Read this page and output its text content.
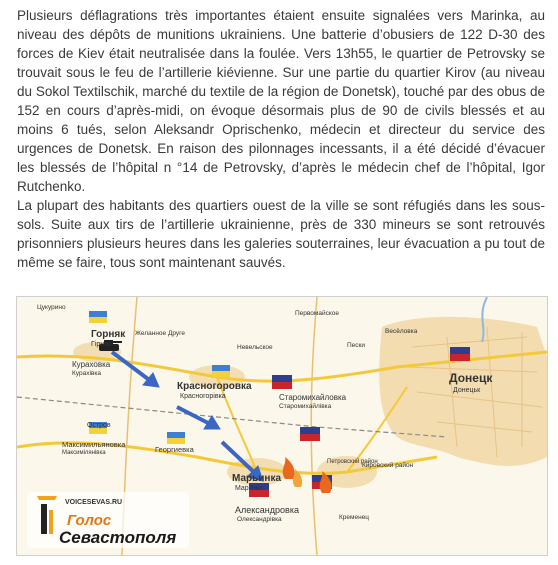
Plusieurs déflagrations très importantes étaient ensuite signalées vers Marinka, au niveau des dépôts de munitions ukrainiens. Une batterie d’obusiers de 122 D-30 des forces de Kiev était neutralisée dans la foulée. Vers 13h55, le quartier de Petrovsky se trouvait sous le feu de l’artillerie kiévienne. Sur une partie du quartier Kirov (au niveau du Sokol Textilschik, marché du textile de la région de Donetsk), touché par des obus de 152 en cours d’après-midi, on évoque désormais plus de 90 de civils blessés et au moins 6 tués, selon Aleksandr Oprischenko, médecin et directeur du service des urgences de Donetsk. En raison des pilonnages incessants, il a été décidé d’évacuer les blessés de l’hôpital n °14 de Petrovsky, d’après le médecin chef de l’hôpital, Igor Rutchenko.

La plupart des habitants des quartiers ouest de la ville se sont réfugiés dans les sous-sols. Suite aux tirs de l’artillerie ukrainienne, près de 330 mineurs se sont retrouvés prisonniers plusieurs heures dans les galeries souterraines, leur évacuation a pu tout de même se faire, tous sont maintenant sauvés.

Горняк
Гірник
Кураховка
Курахівка
Красногоровка
Красногорівка	Старомихайловка
Старомихайлівка
Донецк
Донецьк
Марьинка
Мар'їнка
Александровка
Олександрівка
Максимильяновка
Максимілянівка	Георгиевка
Остров
Желанное Друге
Первомайское
Весёловка
Невельское
Кировский район
Петровский район
Кременец
Цукурино
Пески
VOICESEVAS.RU
Голос
Севастополя
